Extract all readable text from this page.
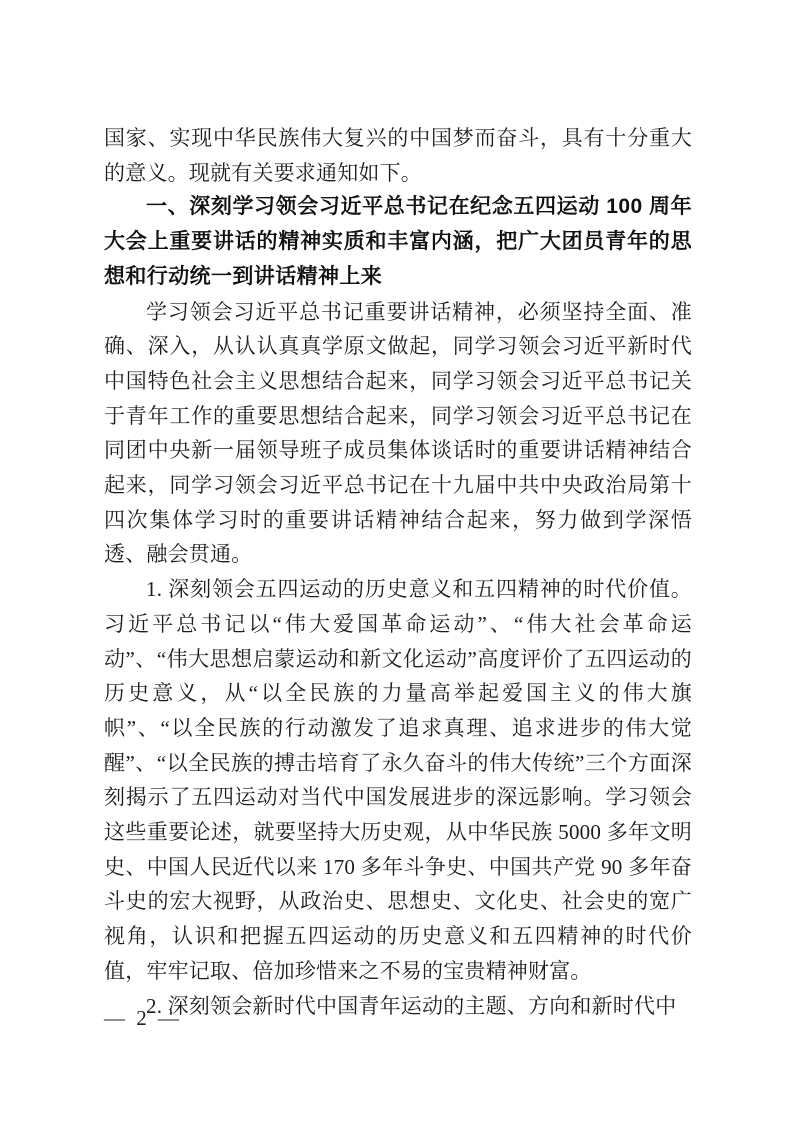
国家、实现中华民族伟大复兴的中国梦而奋斗，具有十分重大的意义。现就有关要求通知如下。

一、深刻学习领会习近平总书记在纪念五四运动 100 周年大会上重要讲话的精神实质和丰富内涵，把广大团员青年的思想和行动统一到讲话精神上来

学习领会习近平总书记重要讲话精神，必须坚持全面、准确、深入，从认认真真学原文做起，同学习领会习近平新时代中国特色社会主义思想结合起来，同学习领会习近平总书记关于青年工作的重要思想结合起来，同学习领会习近平总书记在同团中央新一届领导班子成员集体谈话时的重要讲话精神结合起来，同学习领会习近平总书记在十九届中共中央政治局第十四次集体学习时的重要讲话精神结合起来，努力做到学深悟透、融会贯通。

1. 深刻领会五四运动的历史意义和五四精神的时代价值。习近平总书记以“伟大爱国革命运动”、“伟大社会革命运动”、“伟大思想启蒙运动和新文化运动”高度评价了五四运动的历史意义，从“以全民族的力量高举起爱国主义的伟大旗帜”、“以全民族的行动激发了追求真理、追求进步的伟大觉醒”、“以全民族的搏击培育了永久奋斗的伟大传统”三个方面深刻揭示了五四运动对当代中国发展进步的深远影响。学习领会这些重要论述，就要坚持大历史观，从中华民族 5000 多年文明史、中国人民近代以来 170 多年斗争史、中国共产党 90 多年奋斗史的宏大视野，从政治史、思想史、文化史、社会史的宽广视角，认识和把握五四运动的历史意义和五四精神的时代价值，牢牢记取、倍加珍惜来之不易的宝贵精神财富。

2. 深刻领会新时代中国青年运动的主题、方向和新时代中

— 2 —
